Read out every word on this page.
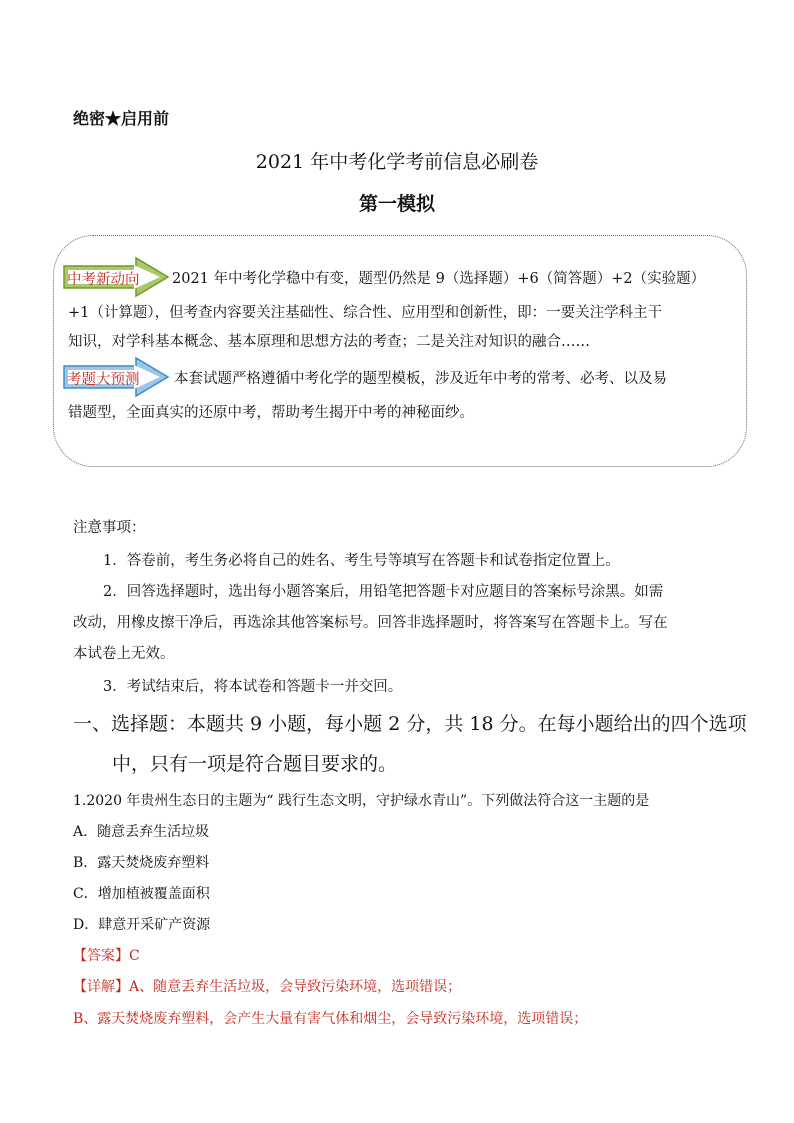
绝密★启用前
2021 年中考化学考前信息必刷卷
第一模拟
中考新动向 2021 年中考化学稳中有变，题型仍然是 9（选择题）+6（简答题）+2（实验题）
+1（计算题），但考查内容要关注基础性、综合性、应用型和创新性，即：一要关注学科主干
知识，对学科基本概念、基本原理和思想方法的考查；二是关注对知识的融合……
考题大预测 本套试题严格遵循中考化学的题型模板，涉及近年中考的常考、必考、以及易
错题型，全面真实的还原中考，帮助考生揭开中考的神秘面纱。
注意事项：
1．答卷前，考生务必将自己的姓名、考生号等填写在答题卡和试卷指定位置上。
2．回答选择题时，选出每小题答案后，用铅笔把答题卡对应题目的答案标号涂黑。如需
改动，用橡皮擦干净后，再选涂其他答案标号。回答非选择题时，将答案写在答题卡上。写在
本试卷上无效。
3．考试结束后，将本试卷和答题卡一并交回。
一、选择题：本题共 9 小题，每小题 2 分，共 18 分。在每小题给出的四个选项
中，只有一项是符合题目要求的。
1.2020 年贵州生态日的主题为“ 践行生态文明，守护绿水青山”。下列做法符合这一主题的是
A．随意丢弃生活垃圾
B．露天焚烧废弃塑料
C．增加植被覆盖面积
D．肆意开采矿产资源
【答案】C
【详解】A、随意丢弃生活垃圾，会导致污染环境，选项错误；
B、露天焚烧废弃塑料，会产生大量有害气体和烟尘，会导致污染环境，选项错误；
